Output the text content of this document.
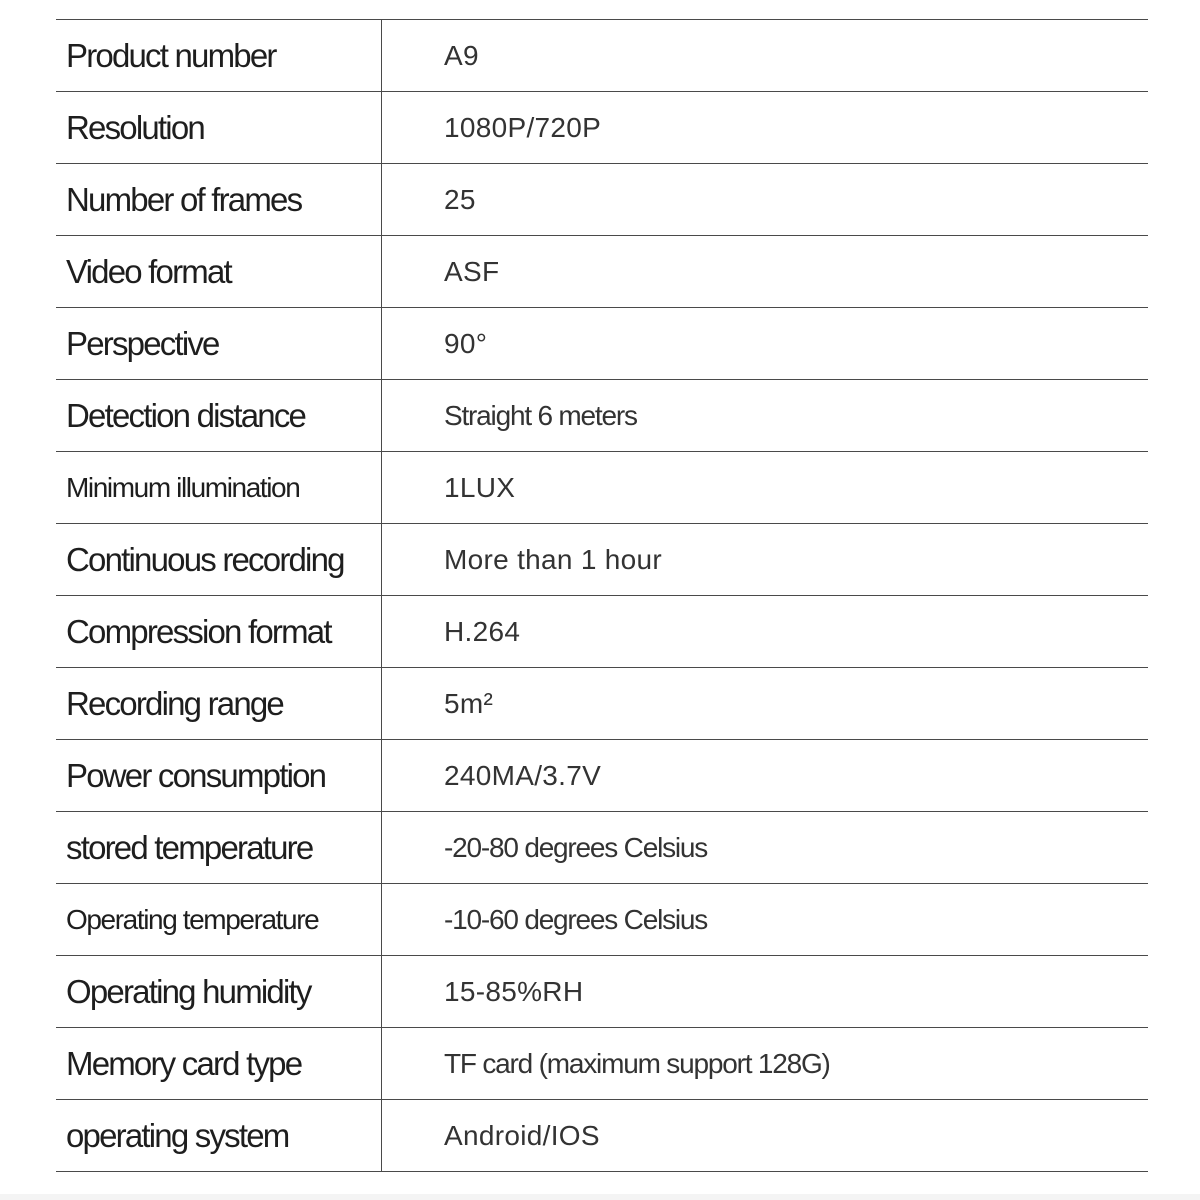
Product number	A9
Resolution	1080P/720P
Number of frames	25
Video format	ASF
Perspective	90°
Detection distance	Straight 6 meters
Minimum illumination	1LUX
Continuous recording	More than 1 hour
Compression format	H.264
Recording range	5m²
Power consumption	240MA/3.7V
stored temperature	-20-80 degrees Celsius
Operating temperature	-10-60 degrees Celsius
Operating humidity	15-85%RH
Memory card type	TF card (maximum support 128G)
operating system	Android/IOS
